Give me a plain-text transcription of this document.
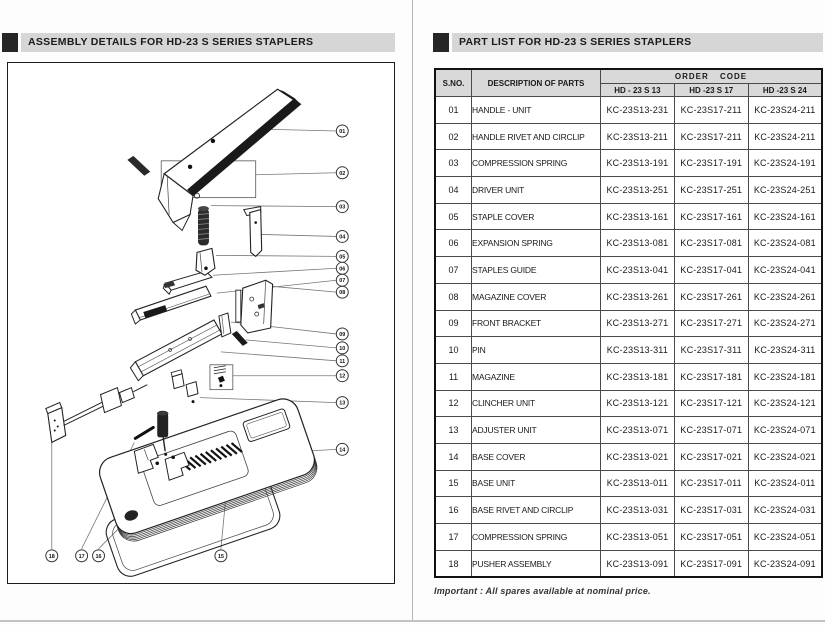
ASSEMBLY DETAILS FOR HD-23 S SERIES STAPLERS	PART LIST FOR HD-23 S SERIES STAPLERS
01
02
03
04
05
06
07
08
09
10
11
12
13
14
15
16
17
18
S.NO.	DESCRIPTION OF PARTS	ORDER CODE		
		HD - 23 S 13	HD -23 S 17	HD -23 S 24
01	HANDLE - UNIT	KC-23S13-231	KC-23S17-211	KC-23S24-211
02	HANDLE RIVET AND CIRCLIP	KC-23S13-211	KC-23S17-211	KC-23S24-211
03	COMPRESSION SPRING	KC-23S13-191	KC-23S17-191	KC-23S24-191
04	DRIVER UNIT	KC-23S13-251	KC-23S17-251	KC-23S24-251
05	STAPLE COVER	KC-23S13-161	KC-23S17-161	KC-23S24-161
06	EXPANSION SPRING	KC-23S13-081	KC-23S17-081	KC-23S24-081
07	STAPLES GUIDE	KC-23S13-041	KC-23S17-041	KC-23S24-041
08	MAGAZINE COVER	KC-23S13-261	KC-23S17-261	KC-23S24-261
09	FRONT BRACKET	KC-23S13-271	KC-23S17-271	KC-23S24-271
10	PIN	KC-23S13-311	KC-23S17-311	KC-23S24-311
11	MAGAZINE	KC-23S13-181	KC-23S17-181	KC-23S24-181
12	CLINCHER UNIT	KC-23S13-121	KC-23S17-121	KC-23S24-121
13	ADJUSTER UNIT	KC-23S13-071	KC-23S17-071	KC-23S24-071
14	BASE COVER	KC-23S13-021	KC-23S17-021	KC-23S24-021
15	BASE UNIT	KC-23S13-011	KC-23S17-011	KC-23S24-011
16	BASE RIVET AND CIRCLIP	KC-23S13-031	KC-23S17-031	KC-23S24-031
17	COMPRESSION SPRING	KC-23S13-051	KC-23S17-051	KC-23S24-051
18	PUSHER ASSEMBLY	KC-23S13-091	KC-23S17-091	KC-23S24-091
Important : All spares available at nominal price.
